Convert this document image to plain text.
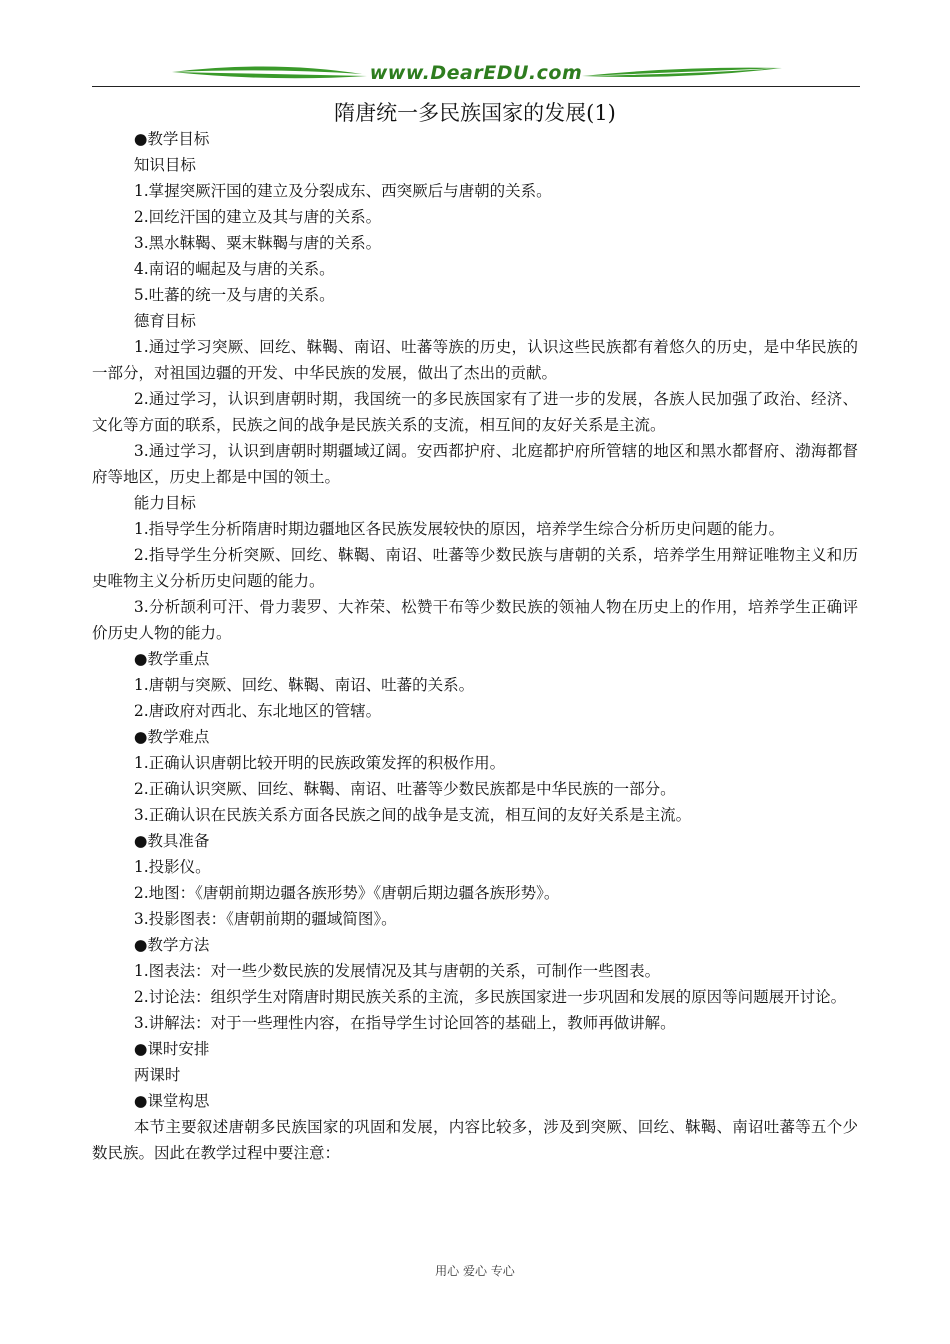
www.DearEDU.com
隋唐统一多民族国家的发展(1)

●教学目标

知识目标

1.掌握突厥汗国的建立及分裂成东、西突厥后与唐朝的关系。

2.回纥汗国的建立及其与唐的关系。

3.黑水靺鞨、粟末靺鞨与唐的关系。

4.南诏的崛起及与唐的关系。

5.吐蕃的统一及与唐的关系。

德育目标

1.通过学习突厥、回纥、靺鞨、南诏、吐蕃等族的历史，认识这些民族都有着悠久的历史，是中华民族的一部分，对祖国边疆的开发、中华民族的发展，做出了杰出的贡献。

2.通过学习，认识到唐朝时期，我国统一的多民族国家有了进一步的发展，各族人民加强了政治、经济、文化等方面的联系，民族之间的战争是民族关系的支流，相互间的友好关系是主流。

3.通过学习，认识到唐朝时期疆域辽阔。安西都护府、北庭都护府所管辖的地区和黑水都督府、渤海都督府等地区，历史上都是中国的领土。

能力目标

1.指导学生分析隋唐时期边疆地区各民族发展较快的原因，培养学生综合分析历史问题的能力。

2.指导学生分析突厥、回纥、靺鞨、南诏、吐蕃等少数民族与唐朝的关系，培养学生用辩证唯物主义和历史唯物主义分析历史问题的能力。

3.分析颉利可汗、骨力裴罗、大祚荣、松赞干布等少数民族的领袖人物在历史上的作用，培养学生正确评价历史人物的能力。

●教学重点

1.唐朝与突厥、回纥、靺鞨、南诏、吐蕃的关系。

2.唐政府对西北、东北地区的管辖。

●教学难点

1.正确认识唐朝比较开明的民族政策发挥的积极作用。

2.正确认识突厥、回纥、靺鞨、南诏、吐蕃等少数民族都是中华民族的一部分。

3.正确认识在民族关系方面各民族之间的战争是支流，相互间的友好关系是主流。

●教具准备

1.投影仪。

2.地图：《唐朝前期边疆各族形势》《唐朝后期边疆各族形势》。

3.投影图表：《唐朝前期的疆域简图》。

●教学方法

1.图表法：对一些少数民族的发展情况及其与唐朝的关系，可制作一些图表。

2.讨论法：组织学生对隋唐时期民族关系的主流，多民族国家进一步巩固和发展的原因等问题展开讨论。

3.讲解法：对于一些理性内容，在指导学生讨论回答的基础上，教师再做讲解。

●课时安排

两课时

●课堂构思

本节主要叙述唐朝多民族国家的巩固和发展，内容比较多，涉及到突厥、回纥、靺鞨、南诏吐蕃等五个少数民族。因此在教学过程中要注意：

用心 爱心 专心
